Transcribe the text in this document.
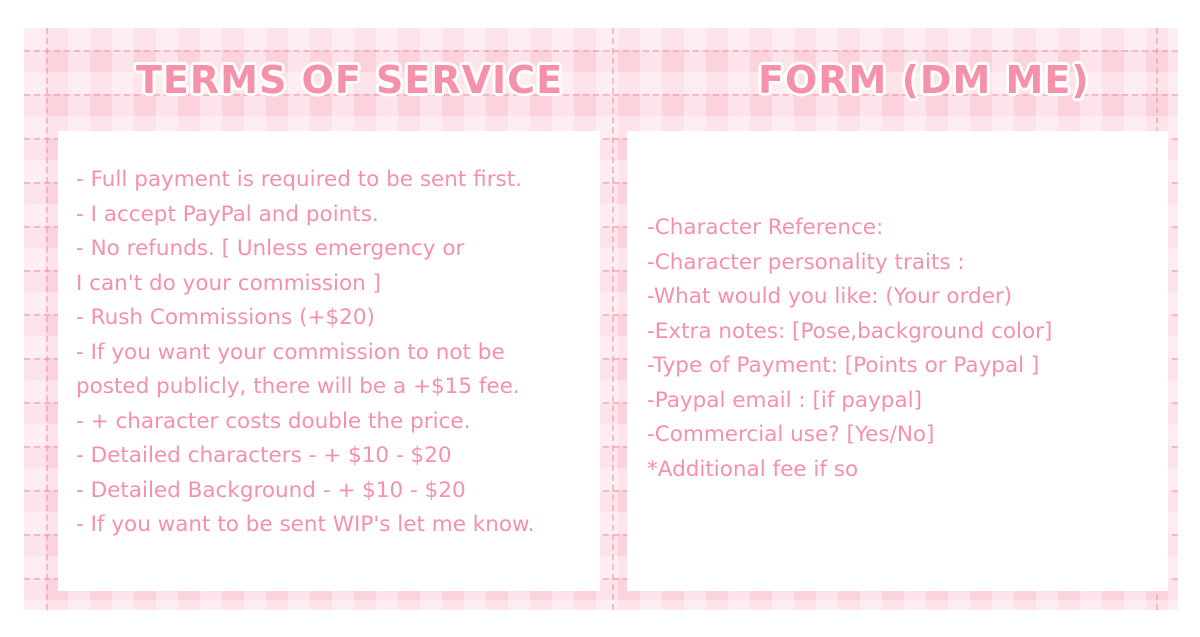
TERMS OF SERVICE	FORM (DM ME)
- Full payment is required to be sent first.
- I accept PayPal and points.
- No refunds. [ Unless emergency or
I can't do your commission ]
- Rush Commissions (+$20)
- If you want your commission to not be
posted publicly, there will be a +$15 fee.
- + character costs double the price.
- Detailed characters - + $10 - $20
- Detailed Background - + $10 - $20
- If you want to be sent WIP's let me know.
-Character Reference:
-Character personality traits :
-What would you like: (Your order)
-Extra notes: [Pose,background color]
-Type of Payment: [Points or Paypal ]
-Paypal email : [if paypal]
-Commercial use? [Yes/No]
*Additional fee if so
